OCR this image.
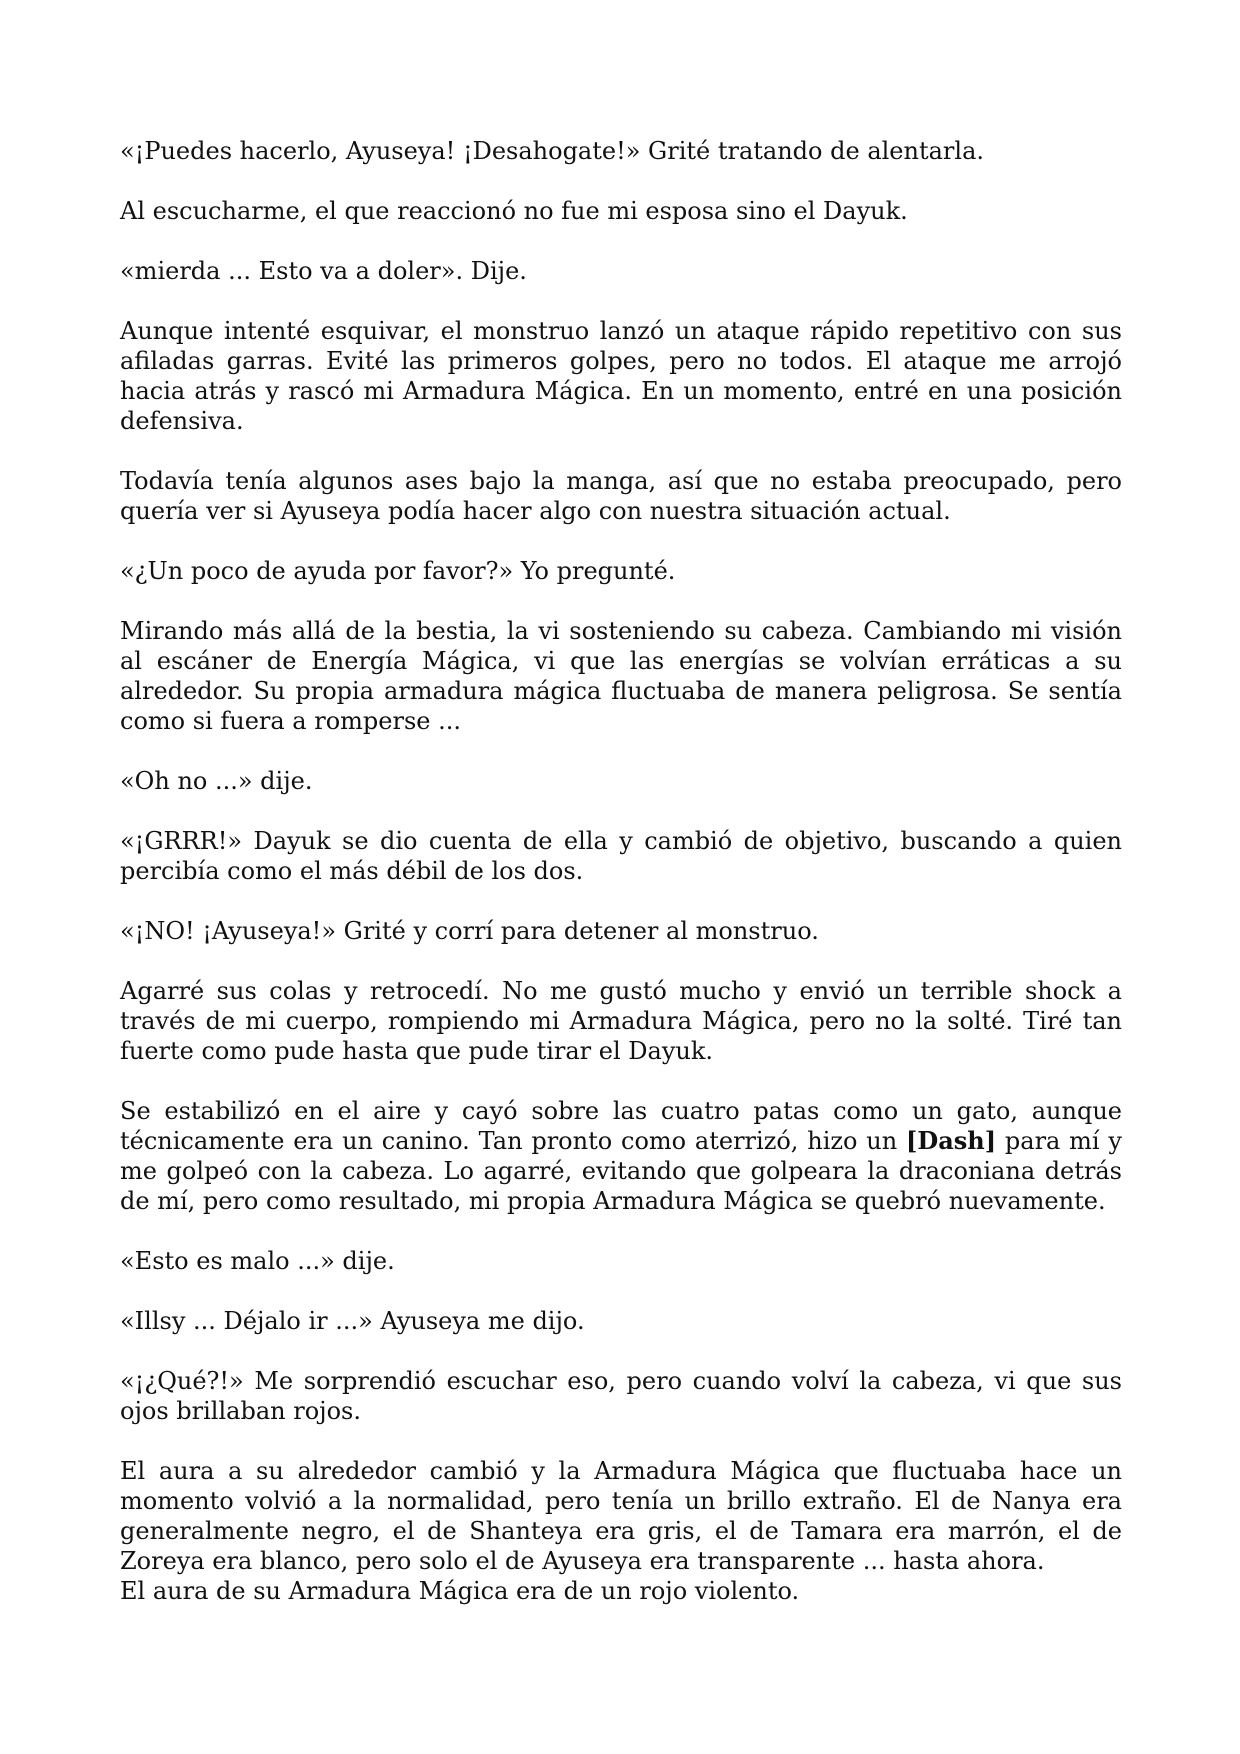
«¡Puedes hacerlo, Ayuseya! ¡Desahogate!» Grité tratando de alentarla.

Al escucharme, el que reaccionó no fue mi esposa sino el Dayuk.

«mierda ... Esto va a doler». Dije.

Aunque intenté esquivar, el monstruo lanzó un ataque rápido repetitivo con sus afiladas garras. Evité las primeros golpes, pero no todos. El ataque me arrojó hacia atrás y rascó mi Armadura Mágica. En un momento, entré en una posición defensiva.

Todavía tenía algunos ases bajo la manga, así que no estaba preocupado, pero quería ver si Ayuseya podía hacer algo con nuestra situación actual.

«¿Un poco de ayuda por favor?» Yo pregunté.

Mirando más allá de la bestia, la vi sosteniendo su cabeza. Cambiando mi visión al escáner de Energía Mágica, vi que las energías se volvían erráticas a su alrededor. Su propia armadura mágica fluctuaba de manera peligrosa. Se sentía como si fuera a romperse ...

«Oh no ...» dije.

«¡GRRR!» Dayuk se dio cuenta de ella y cambió de objetivo, buscando a quien percibía como el más débil de los dos.

«¡NO! ¡Ayuseya!» Grité y corrí para detener al monstruo.

Agarré sus colas y retrocedí. No me gustó mucho y envió un terrible shock a través de mi cuerpo, rompiendo mi Armadura Mágica, pero no la solté. Tiré tan fuerte como pude hasta que pude tirar el Dayuk.

Se estabilizó en el aire y cayó sobre las cuatro patas como un gato, aunque técnicamente era un canino. Tan pronto como aterrizó, hizo un [Dash] para mí y me golpeó con la cabeza. Lo agarré, evitando que golpeara la draconiana detrás de mí, pero como resultado, mi propia Armadura Mágica se quebró nuevamente.

«Esto es malo ...» dije.

«Illsy ... Déjalo ir ...» Ayuseya me dijo.

«¡¿Qué?!» Me sorprendió escuchar eso, pero cuando volví la cabeza, vi que sus ojos brillaban rojos.

El aura a su alrededor cambió y la Armadura Mágica que fluctuaba hace un momento volvió a la normalidad, pero tenía un brillo extraño. El de Nanya era generalmente negro, el de Shanteya era gris, el de Tamara era marrón, el de Zoreya era blanco, pero solo el de Ayuseya era transparente ... hasta ahora.

El aura de su Armadura Mágica era de un rojo violento.
